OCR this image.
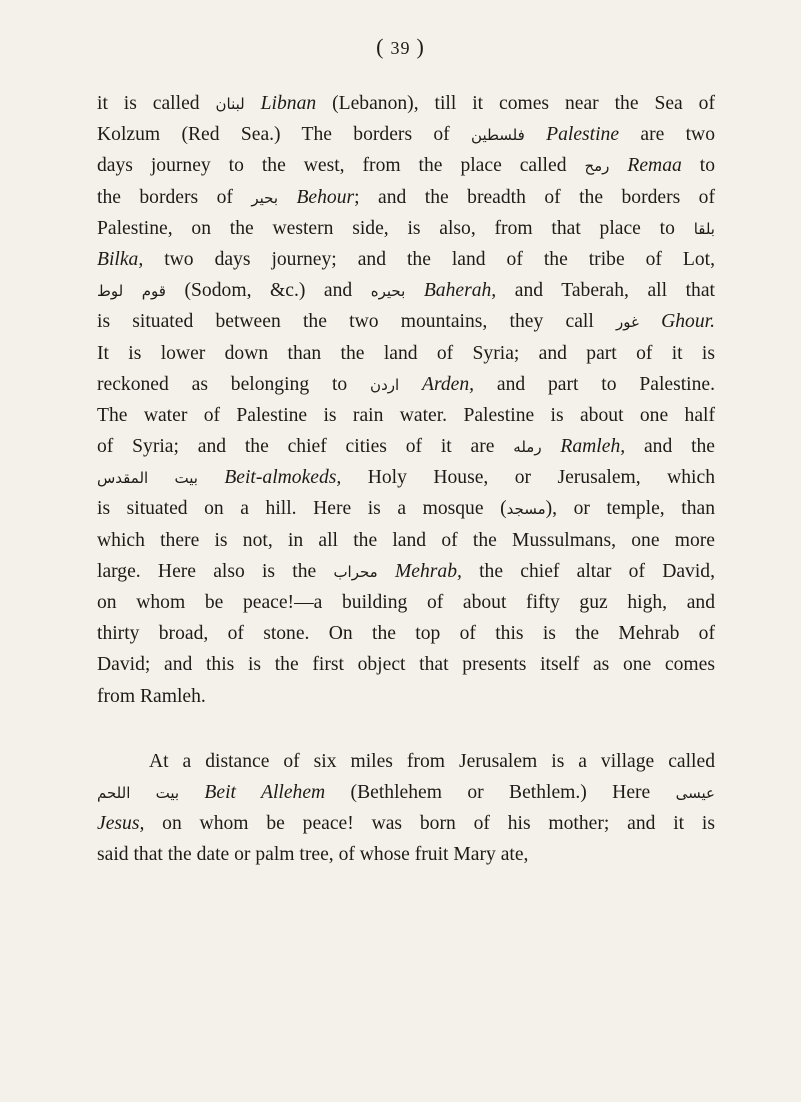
( 39 )
it is called لبنان Libnan (Lebanon), till it comes near the Sea of
Kolzum (Red Sea.) The borders of فلسطين Palestine are two
days journey to the west, from the place called رمح Remaa to
the borders of بحير Behour; and the breadth of the borders of
Palestine, on the western side, is also, from that place to بلقا
Bilka, two days journey; and the land of the tribe of Lot,
لوط قوم (Sodom, &c.) and بحيره Baherah, and Taberah, all that
is situated between the two mountains, they call غور Ghour.
It is lower down than the land of Syria; and part of it is
reckoned as belonging to اردن Arden, and part to Palestine.
The water of Palestine is rain water. Palestine is about one half
of Syria; and the chief cities of it are رمله Ramleh, and the
بيت المقدس Beit-almokeds, Holy House, or Jerusalem, which
is situated on a hill. Here is a mosque (مسجد), or temple, than
which there is not, in all the land of the Mussulmans, one more
large. Here also is the محراب Mehrab, the chief altar of David,
on whom be peace!—a building of about fifty guz high, and
thirty broad, of stone. On the top of this is the Mehrab of
David; and this is the first object that presents itself as one comes
from Ramleh.
At a distance of six miles from Jerusalem is a village called
بيت اللحم Beit Allehem (Bethlehem or Bethlem.) Here عيسى
Jesus, on whom be peace! was born of his mother; and it is
said that the date or palm tree, of whose fruit Mary ate,
